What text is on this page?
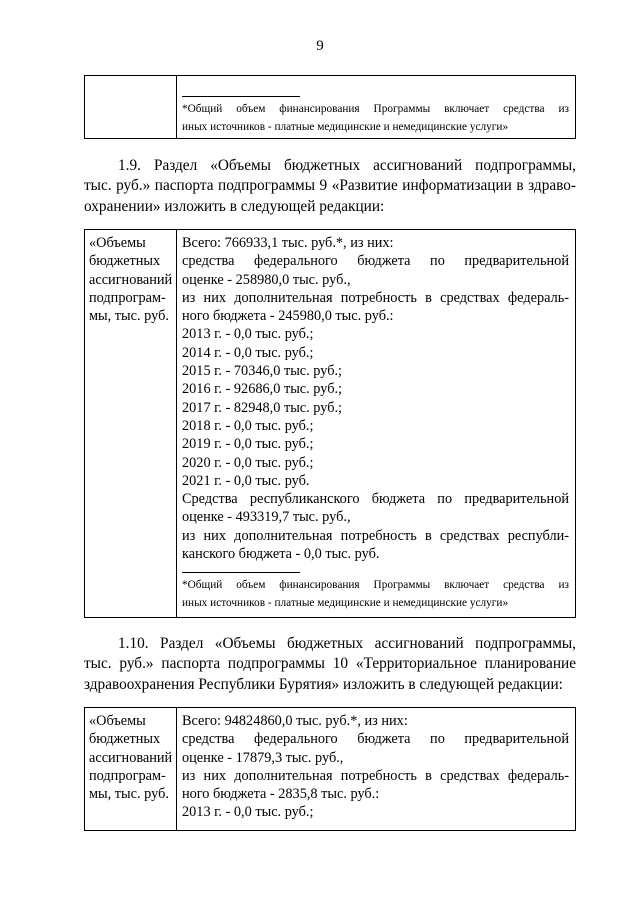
9
*Общий объем финансирования Программы включает средства из
иных источников - платные медицинские и немедицинские услуги»
1.9. Раздел «Объемы бюджетных ассигнований подпрограммы,
тыс. руб.» паспорта подпрограммы 9 «Развитие информатизации в здраво-
охранении» изложить в следующей редакции:
«Объемы
бюджетных
ассигнований
подпрограм-
мы, тыс. руб.
Всего: 766933,1 тыс. руб.*, из них:
средства федерального бюджета по предварительной
оценке - 258980,0 тыс. руб.,
из них дополнительная потребность в средствах федераль-
ного бюджета - 245980,0 тыс. руб.:
2013 г. - 0,0 тыс. руб.;
2014 г. - 0,0 тыс. руб.;
2015 г. - 70346,0 тыс. руб.;
2016 г. - 92686,0 тыс. руб.;
2017 г. - 82948,0 тыс. руб.;
2018 г. - 0,0 тыс. руб.;
2019 г. - 0,0 тыс. руб.;
2020 г. - 0,0 тыс. руб.;
2021 г. - 0,0 тыс. руб.
Средства республиканского бюджета по предварительной
оценке - 493319,7 тыс. руб.,
из них дополнительная потребность в средствах республи-
канского бюджета - 0,0 тыс. руб.
*Общий объем финансирования Программы включает средства из
иных источников - платные медицинские и немедицинские услуги»
1.10. Раздел «Объемы бюджетных ассигнований подпрограммы,
тыс. руб.» паспорта подпрограммы 10 «Территориальное планирование
здравоохранения Республики Бурятия» изложить в следующей редакции:
«Объемы
бюджетных
ассигнований
подпрограм-
мы, тыс. руб.
Всего: 94824860,0 тыс. руб.*, из них:
средства федерального бюджета по предварительной
оценке - 17879,3 тыс. руб.,
из них дополнительная потребность в средствах федераль-
ного бюджета - 2835,8 тыс. руб.:
2013 г. - 0,0 тыс. руб.;
